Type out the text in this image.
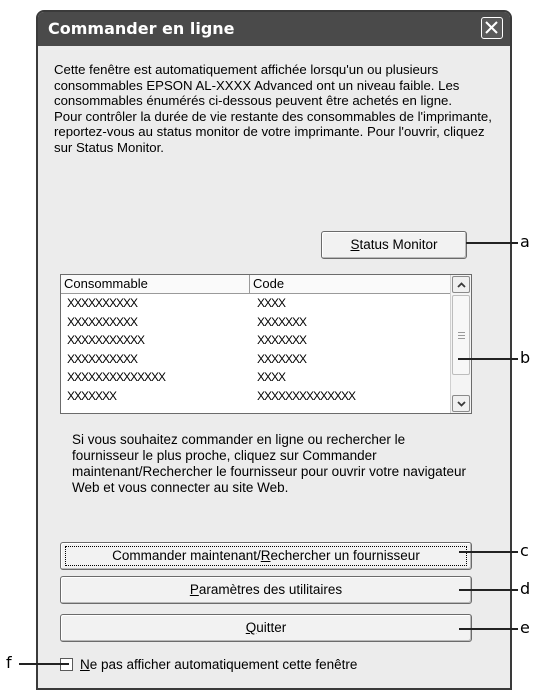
Commander en ligne

Cette fenêtre est automatiquement affichée lorsqu'un ou plusieurs consommables EPSON AL-XXXX Advanced ont un niveau faible. Les consommables énumérés ci-dessous peuvent être achetés en ligne.

Pour contrôler la durée de vie restante des consommables de l'imprimante, reportez-vous au status monitor de votre imprimante. Pour l'ouvrir, cliquez sur Status Monitor.

Status Monitor
Consommable	Code
XXXXXXXXXX	XXXX
XXXXXXXXXX	XXXXXXX
XXXXXXXXXXX	XXXXXXX
XXXXXXXXXX	XXXXXXX
XXXXXXXXXXXXXX	XXXX
XXXXXXX	XXXXXXXXXXXXXX

Si vous souhaitez commander en ligne ou rechercher le fournisseur le plus proche, cliquez sur Commander maintenant/Rechercher le fournisseur pour ouvrir votre navigateur Web et vous connecter au site Web.

Commander maintenant/Rechercher un fournisseur
Paramètres des utilitaires
Quitter
Ne pas afficher automatiquement cette fenêtre
a
b
c
d
e
f
